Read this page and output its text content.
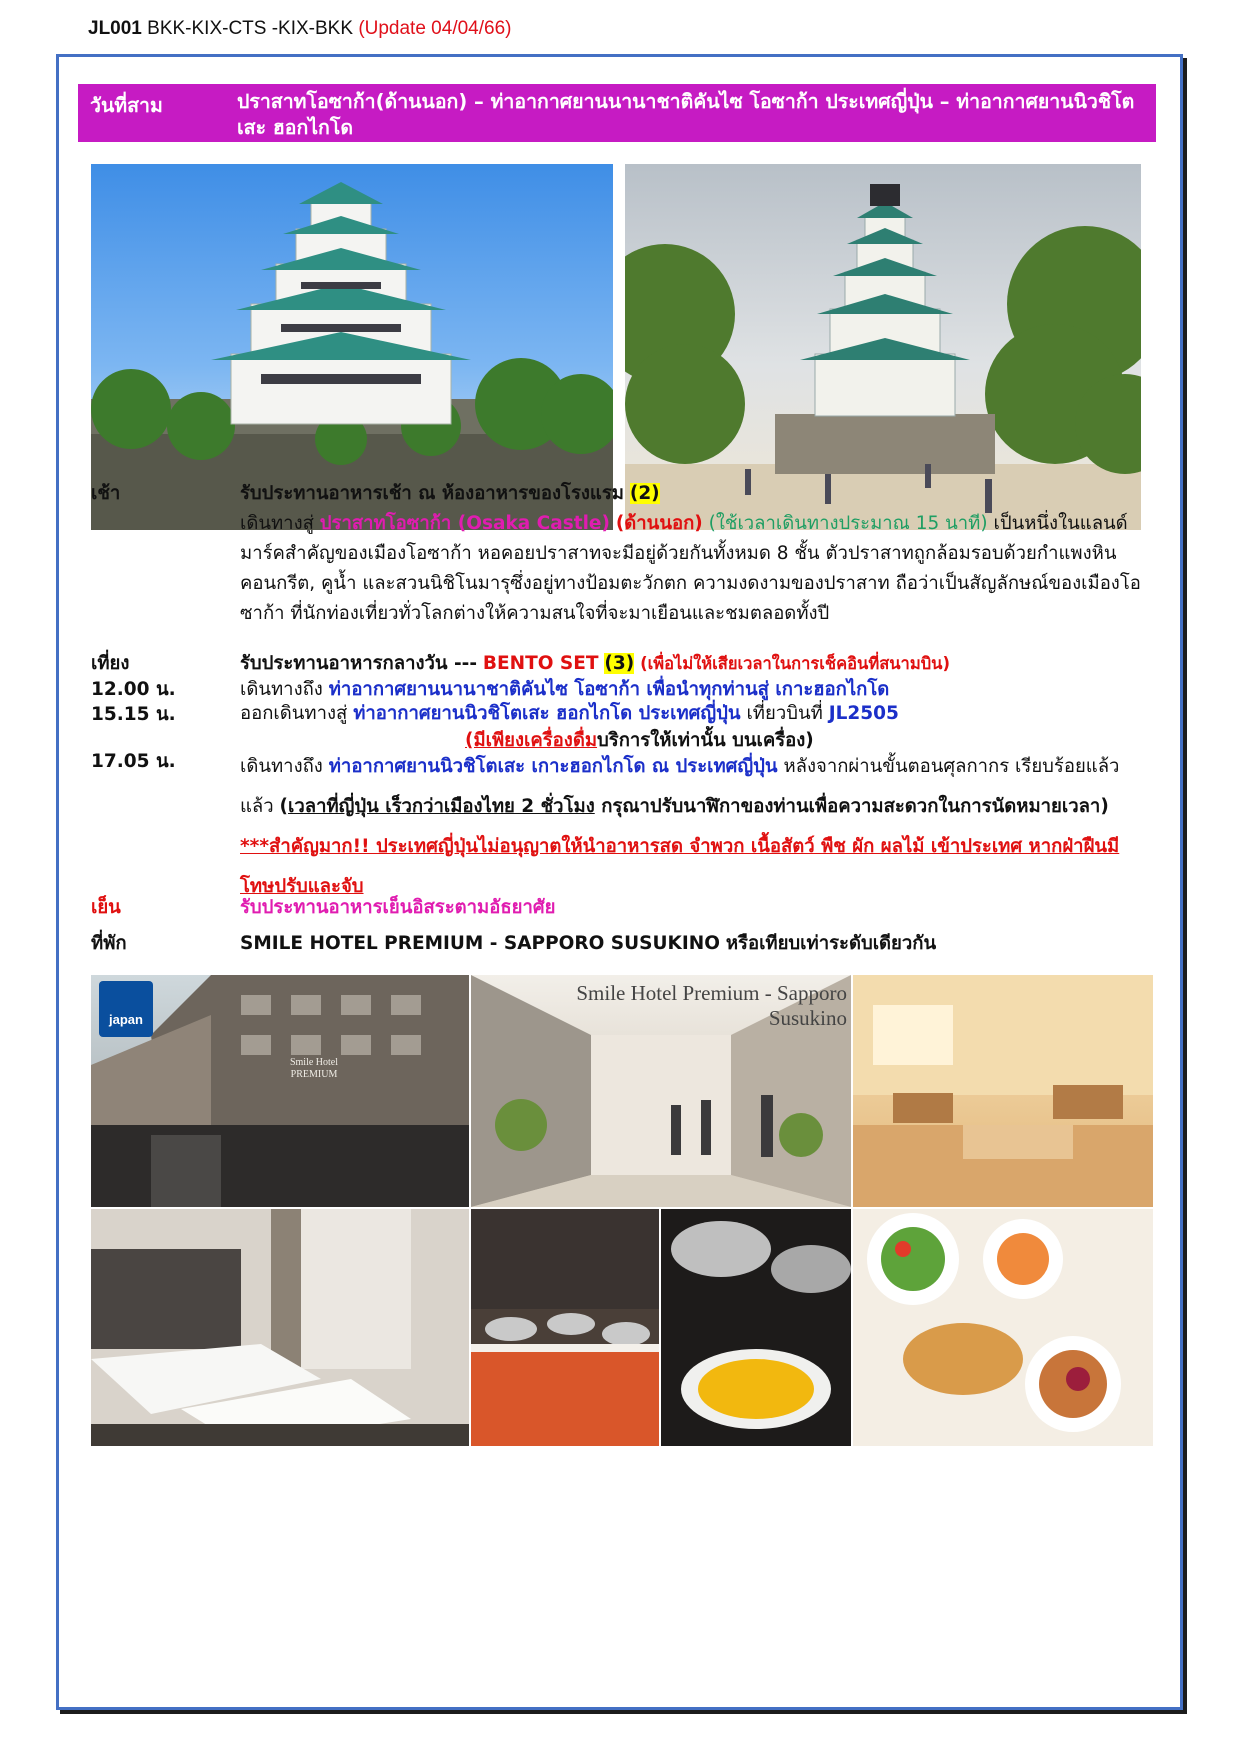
JL001 BKK-KIX-CTS -KIX-BKK (Update 04/04/66)
วันที่สาม	ปราสาทโอซาก้า(ด้านนอก) – ท่าอากาศยานนานาชาติคันไซ โอซาก้า ประเทศญี่ปุ่น – ท่าอากาศยานนิวชิโตเสะ ฮอกไกโด
เช้า	รับประทานอาหารเช้า ณ ห้องอาหารของโรงแรม (2)
เดินทางสู่ ปราสาทโอซาก้า (Osaka Castle) (ด้านนอก) (ใช้เวลาเดินทางประมาณ 15 นาที) เป็นหนึ่งในแลนด์มาร์คสำคัญของเมืองโอซาก้า หอคอยปราสาทจะมีอยู่ด้วยกันทั้งหมด 8 ชั้น ตัวปราสาทถูกล้อมรอบด้วยกำแพงหินคอนกรีต, คูน้ำ และสวนนิชิโนมารุซึ่งอยู่ทางป้อมตะวักตก ความงดงามของปราสาท ถือว่าเป็นสัญลักษณ์ของเมืองโอซาก้า ที่นักท่องเที่ยวทั่วโลกต่างให้ความสนใจที่จะมาเยือนและชมตลอดทั้งปี
เที่ยง	รับประทานอาหารกลางวัน --- BENTO SET (3) (เพื่อไม่ให้เสียเวลาในการเช็คอินที่สนามบิน)
12.00 น.	เดินทางถึง ท่าอากาศยานนานาชาติคันไซ โอซาก้า เพื่อนำทุกท่านสู่ เกาะฮอกไกโด
15.15 น.	ออกเดินทางสู่ ท่าอากาศยานนิวชิโตเสะ ฮอกไกโด ประเทศญี่ปุ่น เที่ยวบินที่ JL2505
(มีเพียงเครื่องดื่มบริการให้เท่านั้น บนเครื่อง)
17.05 น.	เดินทางถึง ท่าอากาศยานนิวชิโตเสะ เกาะฮอกไกโด ณ ประเทศญี่ปุ่น หลังจากผ่านขั้นตอนศุลกากร เรียบร้อยแล้ว แล้ว (เวลาที่ญี่ปุ่น เร็วกว่าเมืองไทย 2 ชั่วโมง กรุณาปรับนาฬิกาของท่านเพื่อความสะดวกในการนัดหมายเวลา) ***สำคัญมาก!! ประเทศญี่ปุ่นไม่อนุญาตให้นำอาหารสด จำพวก เนื้อสัตว์ พืช ผัก ผลไม้ เข้าประเทศ หากฝ่าฝืนมีโทษปรับและจับ
เย็น	รับประทานอาหารเย็นอิสระตามอัธยาศัย
ที่พัก	SMILE HOTEL PREMIUM - SAPPORO SUSUKINO หรือเทียบเท่าระดับเดียวกัน
japan
Smile Hotel PREMIUM
Smile Hotel Premium - Sapporo Susukino
